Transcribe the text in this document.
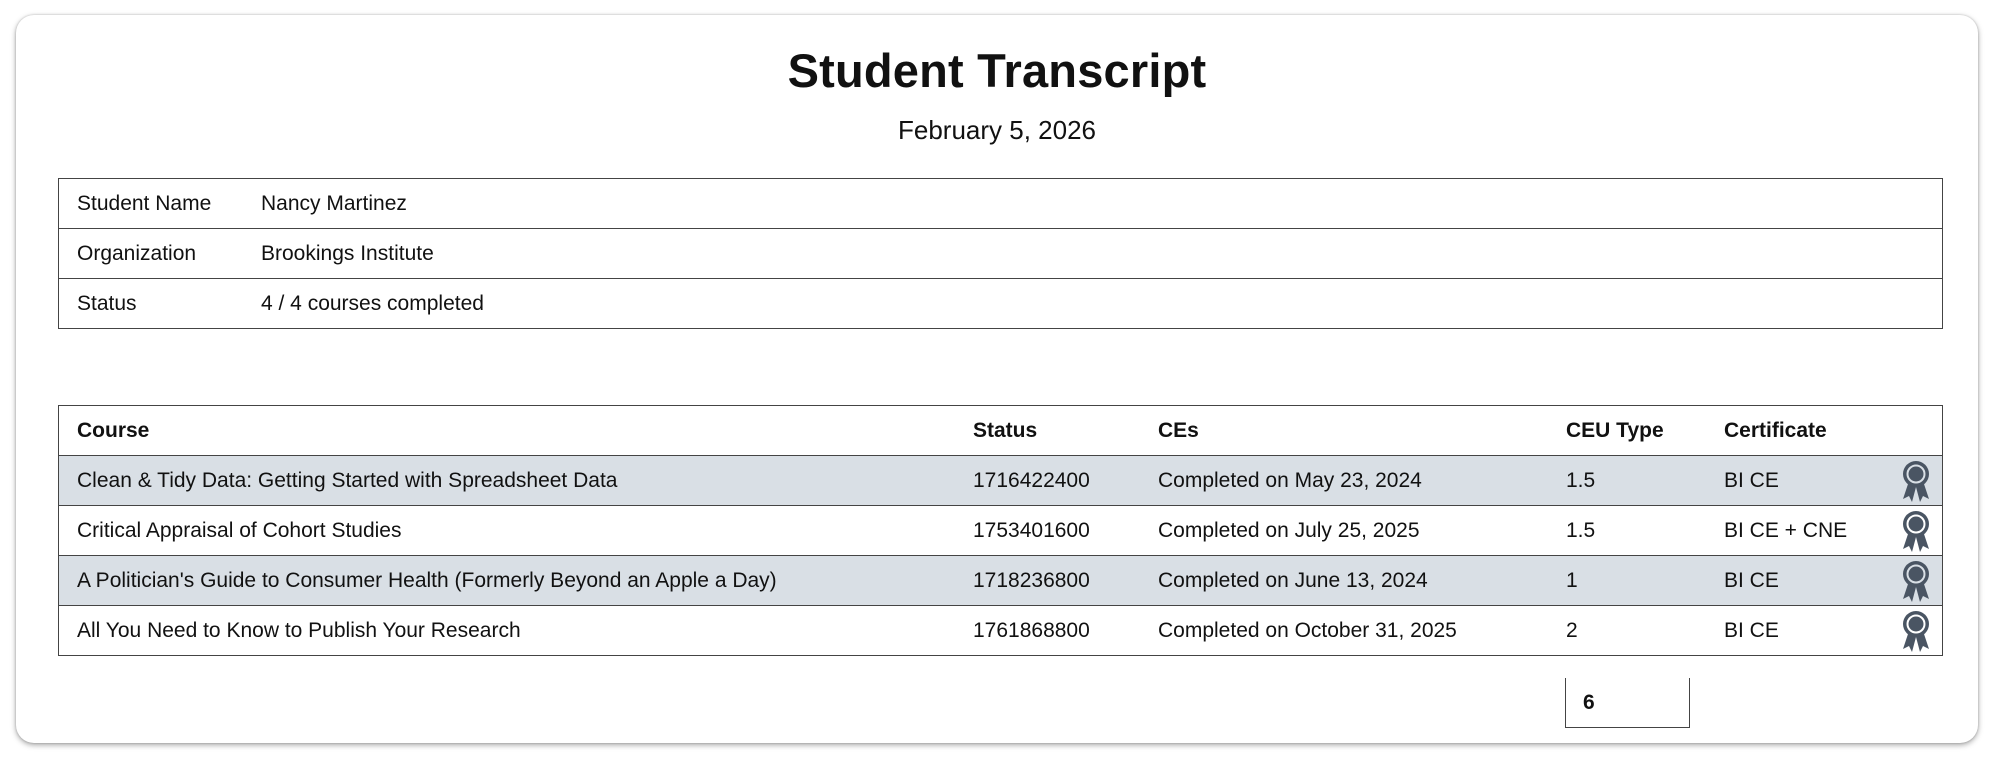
Student Transcript
February 5, 2026
Student Name	Nancy Martinez
Organization	Brookings Institute
Status	4 / 4 courses completed
Course	Status	CEs	CEU Type	Certificate
Clean & Tidy Data: Getting Started with Spreadsheet Data	1716422400	Completed on May 23, 2024	1.5	BI CE

Critical Appraisal of Cohort Studies	1753401600	Completed on July 25, 2025	1.5	BI CE + CNE

A Politician's Guide to Consumer Health (Formerly Beyond an Apple a Day)	1718236800	Completed on June 13, 2024	1	BI CE

All You Need to Know to Publish Your Research	1761868800	Completed on October 31, 2025	2	BI CE
6
